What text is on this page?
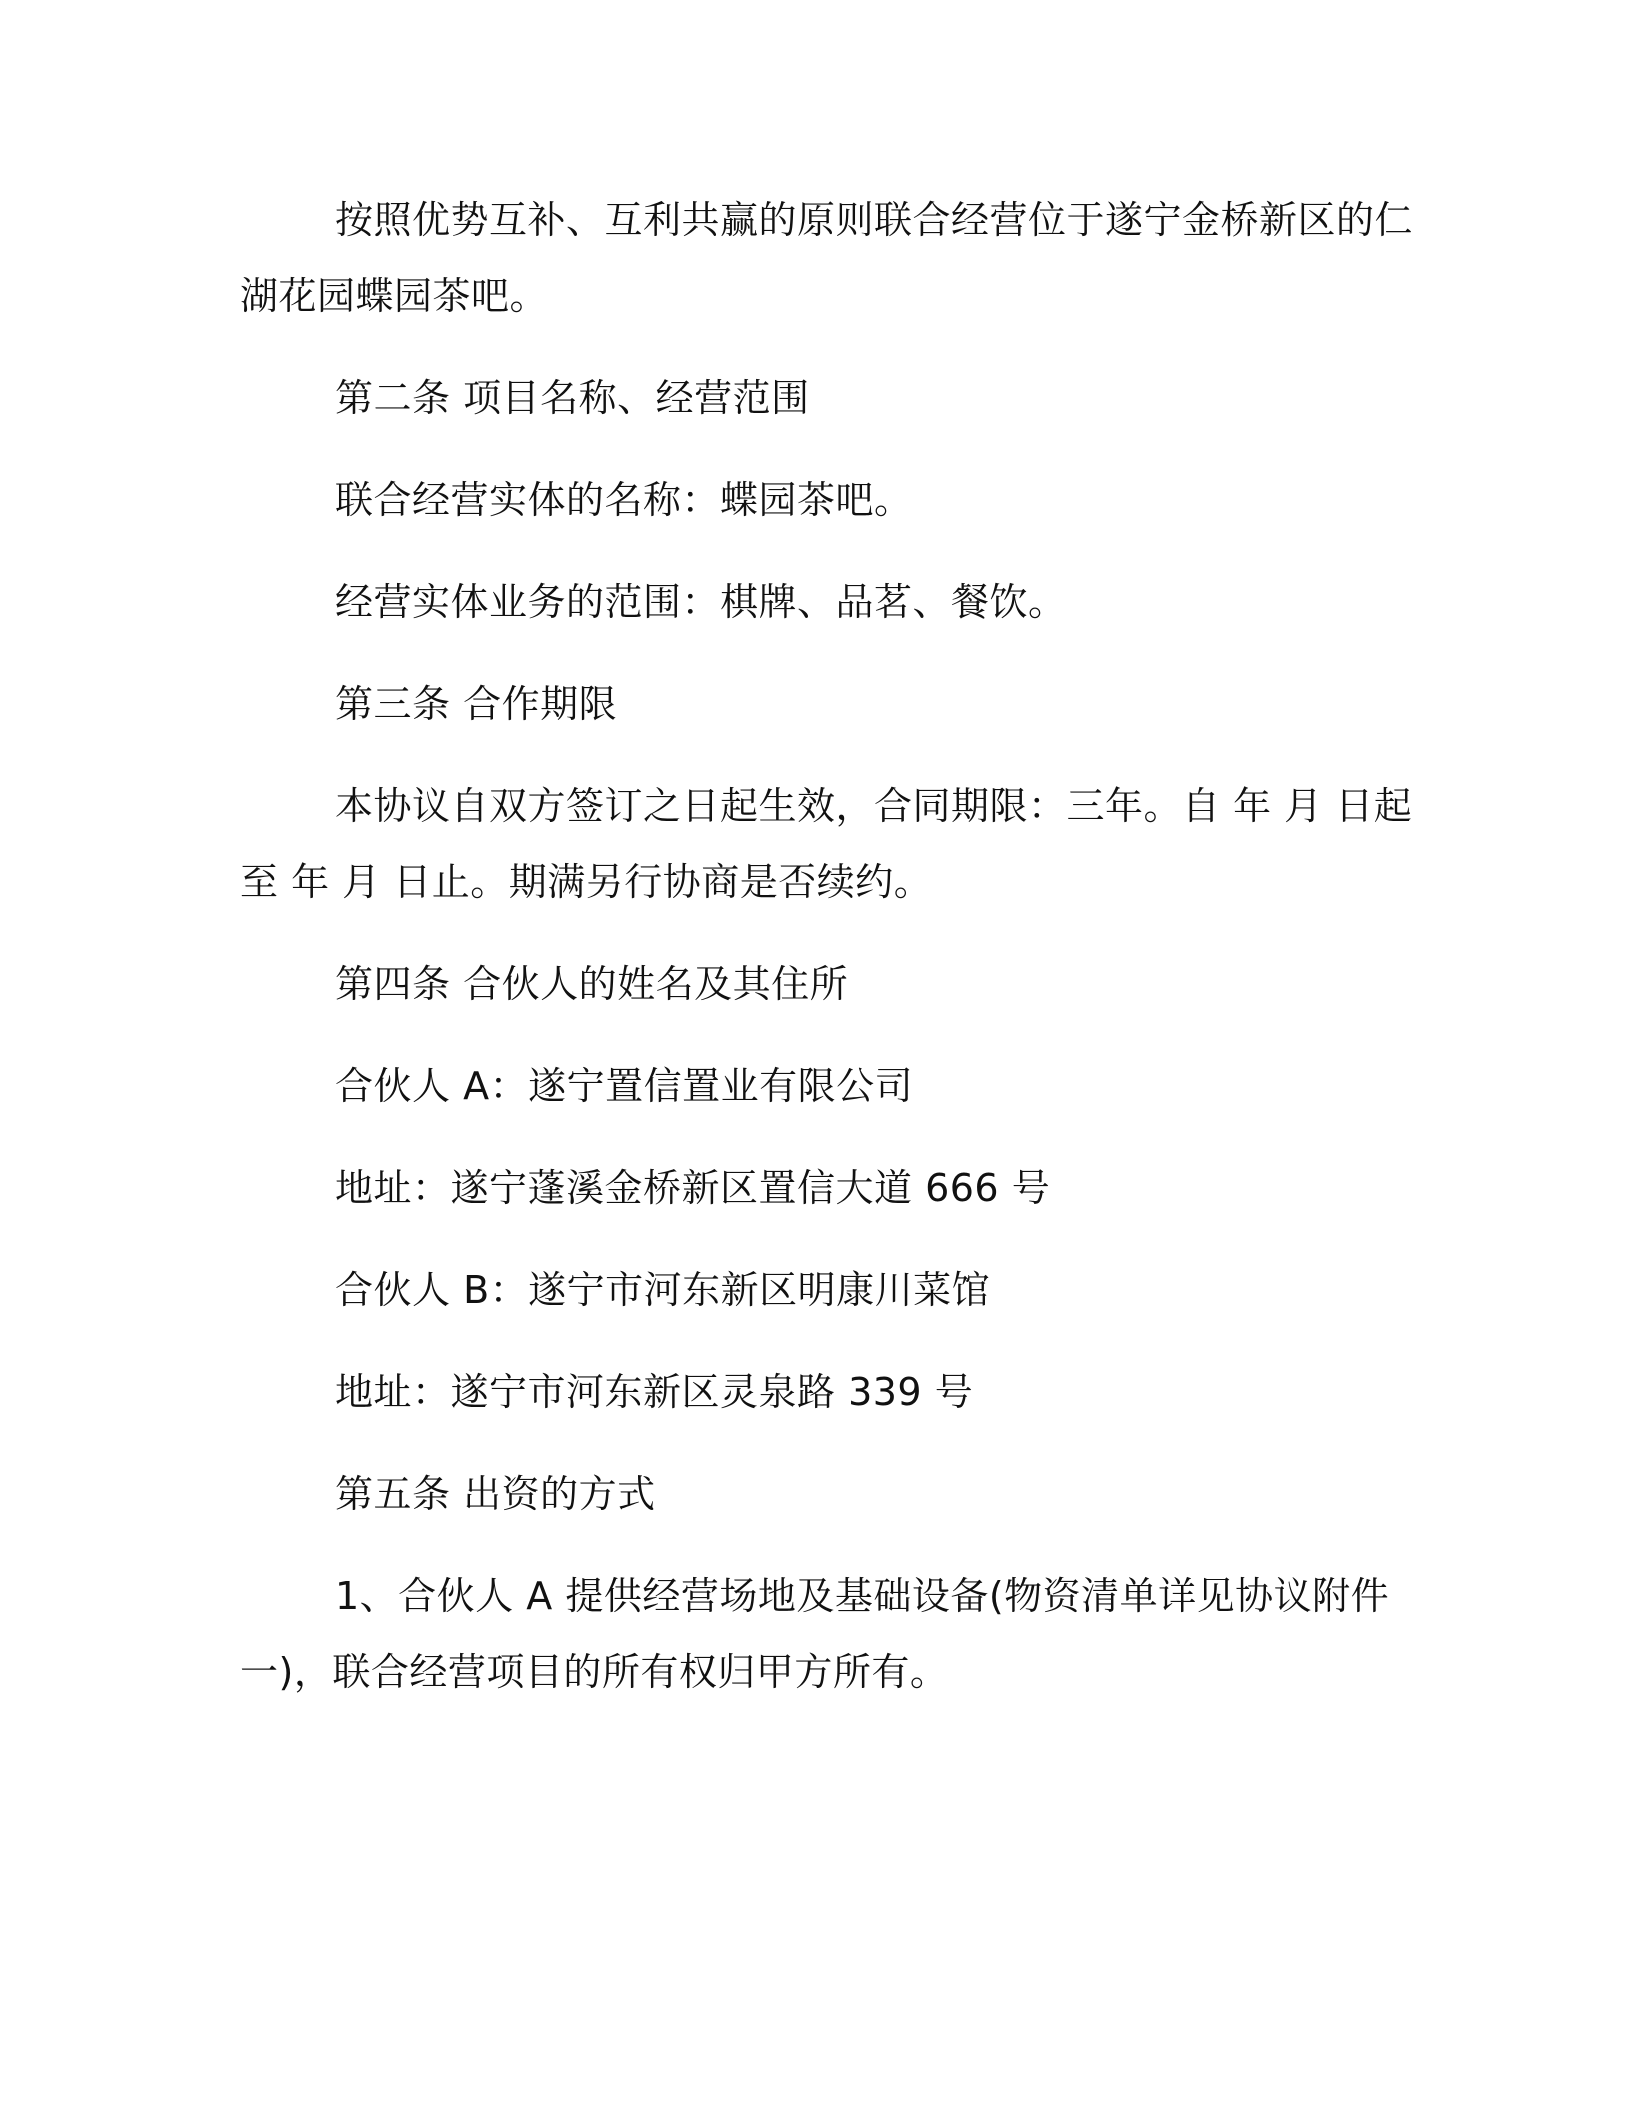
按照优势互补、互利共赢的原则联合经营位于遂宁金桥新区的仁
湖花园蝶园茶吧。
第二条 项目名称、经营范围
联合经营实体的名称：蝶园茶吧。
经营实体业务的范围：棋牌、品茗、餐饮。
第三条 合作期限
本协议自双方签订之日起生效，合同期限：三年。自 年 月 日起
至 年 月 日止。期满另行协商是否续约。
第四条 合伙人的姓名及其住所
合伙人 A：遂宁置信置业有限公司
地址：遂宁蓬溪金桥新区置信大道 666 号
合伙人 B：遂宁市河东新区明康川菜馆
地址：遂宁市河东新区灵泉路 339 号
第五条 出资的方式
1、合伙人 A 提供经营场地及基础设备(物资清单详见协议附件
一)，联合经营项目的所有权归甲方所有。
